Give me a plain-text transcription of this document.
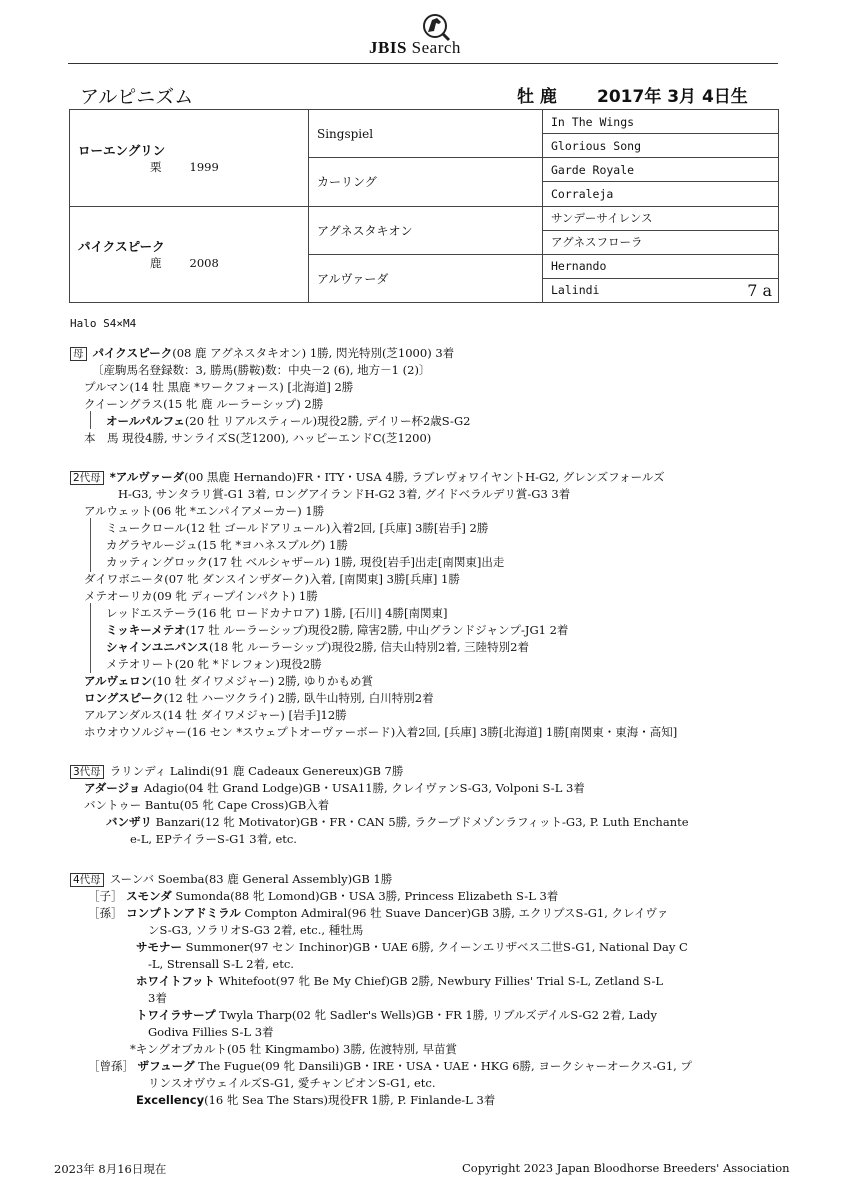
JBIS Search
アルピニズム	牡 鹿 2017年 3月 4日生
ローエングリン
栗 1999	Singspiel	In The Wings
		Glorious Song
	カーリング	Garde Royale
		Corraleja

パイクスピーク
鹿 2008	アグネスタキオン	サンデーサイレンス
		アグネスフローラ
	アルヴァーダ	Hernando
		Lalindi 7 a
Halo S4×M4
母 パイクスピーク(08 鹿 アグネスタキオン) 1勝, 閃光特別(芝1000) 3着
〔産駒馬名登録数：3, 勝馬(勝鞍)数：中央－2 (6), 地方－1 (2)〕
プルマン(14 牡 黒鹿 *ワークフォース) [北海道] 2勝
クイーングラス(15 牝 鹿 ルーラーシップ) 2勝
オールパルフェ(20 牡 リアルスティール)現役2勝, デイリー杯2歳S-G2
本　馬 現役4勝, サンライズS(芝1200), ハッピーエンドC(芝1200)
2代母 *アルヴァーダ(00 黒鹿 Hernando)FR・ITY・USA 4勝, ラブレヴォワイヤントH-G2, グレンズフォールズ
H-G3, サンタラリ賞-G1 3着, ロングアイランドH-G2 3着, グイドベラルデリ賞-G3 3着
アルウェット(06 牝 *エンパイアメーカー) 1勝
ミュークロール(12 牡 ゴールドアリュール)入着2回, [兵庫] 3勝[岩手] 2勝
カグラヤルージュ(15 牝 *ヨハネスブルグ) 1勝
カッティングロック(17 牡 ベルシャザール) 1勝, 現役[岩手]出走[南関東]出走
ダイワボニータ(07 牝 ダンスインザダーク)入着, [南関東] 3勝[兵庫] 1勝
メテオーリカ(09 牝 ディープインパクト) 1勝
レッドエステーラ(16 牝 ロードカナロア) 1勝, [石川] 4勝[南関東]
ミッキーメテオ(17 牡 ルーラーシップ)現役2勝, 障害2勝, 中山グランドジャンプ-JG1 2着
シャインユニバンス(18 牝 ルーラーシップ)現役2勝, 信夫山特別2着, 三陸特別2着
メテオリート(20 牝 *ドレフォン)現役2勝
アルヴェロン(10 牡 ダイワメジャー) 2勝, ゆりかもめ賞
ロングスピーク(12 牡 ハーツクライ) 2勝, 臥牛山特別, 白川特別2着
アルアンダルス(14 牡 ダイワメジャー) [岩手]12勝
ホウオウソルジャー(16 セン *スウェプトオーヴァーボード)入着2回, [兵庫] 3勝[北海道] 1勝[南関東・東海・高知]
3代母 ラリンディ Lalindi(91 鹿 Cadeaux Genereux)GB 7勝
アダージョ Adagio(04 牡 Grand Lodge)GB・USA11勝, クレイヴァンS-G3, Volponi S-L 3着
バントゥー Bantu(05 牝 Cape Cross)GB入着
バンザリ Banzari(12 牝 Motivator)GB・FR・CAN 5勝, ラクープドメゾンラフィット-G3, P. Luth Enchante
e-L, EPテイラーS-G1 3着, etc.
4代母 スーンバ Soemba(83 鹿 General Assembly)GB 1勝
［子］ スモンダ Sumonda(88 牝 Lomond)GB・USA 3勝, Princess Elizabeth S-L 3着
［孫］ コンプトンアドミラル Compton Admiral(96 牡 Suave Dancer)GB 3勝, エクリプスS-G1, クレイヴァ
ンS-G3, ソラリオS-G3 2着, etc., 種牡馬
サモナー Summoner(97 セン Inchinor)GB・UAE 6勝, クイーンエリザベス二世S-G1, National Day C
-L, Strensall S-L 2着, etc.
ホワイトフット Whitefoot(97 牝 Be My Chief)GB 2勝, Newbury Fillies' Trial S-L, Zetland S-L
3着
トワイラサープ Twyla Tharp(02 牝 Sadler's Wells)GB・FR 1勝, リブルズデイルS-G2 2着, Lady
Godiva Fillies S-L 3着
*キングオブカルト(05 牡 Kingmambo) 3勝, 佐渡特別, 早苗賞
［曾孫］ ザフューグ The Fugue(09 牝 Dansili)GB・IRE・USA・UAE・HKG 6勝, ヨークシャーオークス-G1, プ
リンスオヴウェイルズS-G1, 愛チャンピオンS-G1, etc.
Excellency(16 牝 Sea The Stars)現役FR 1勝, P. Finlande-L 3着
2023年 8月16日現在	Copyright 2023 Japan Bloodhorse Breeders' Association
